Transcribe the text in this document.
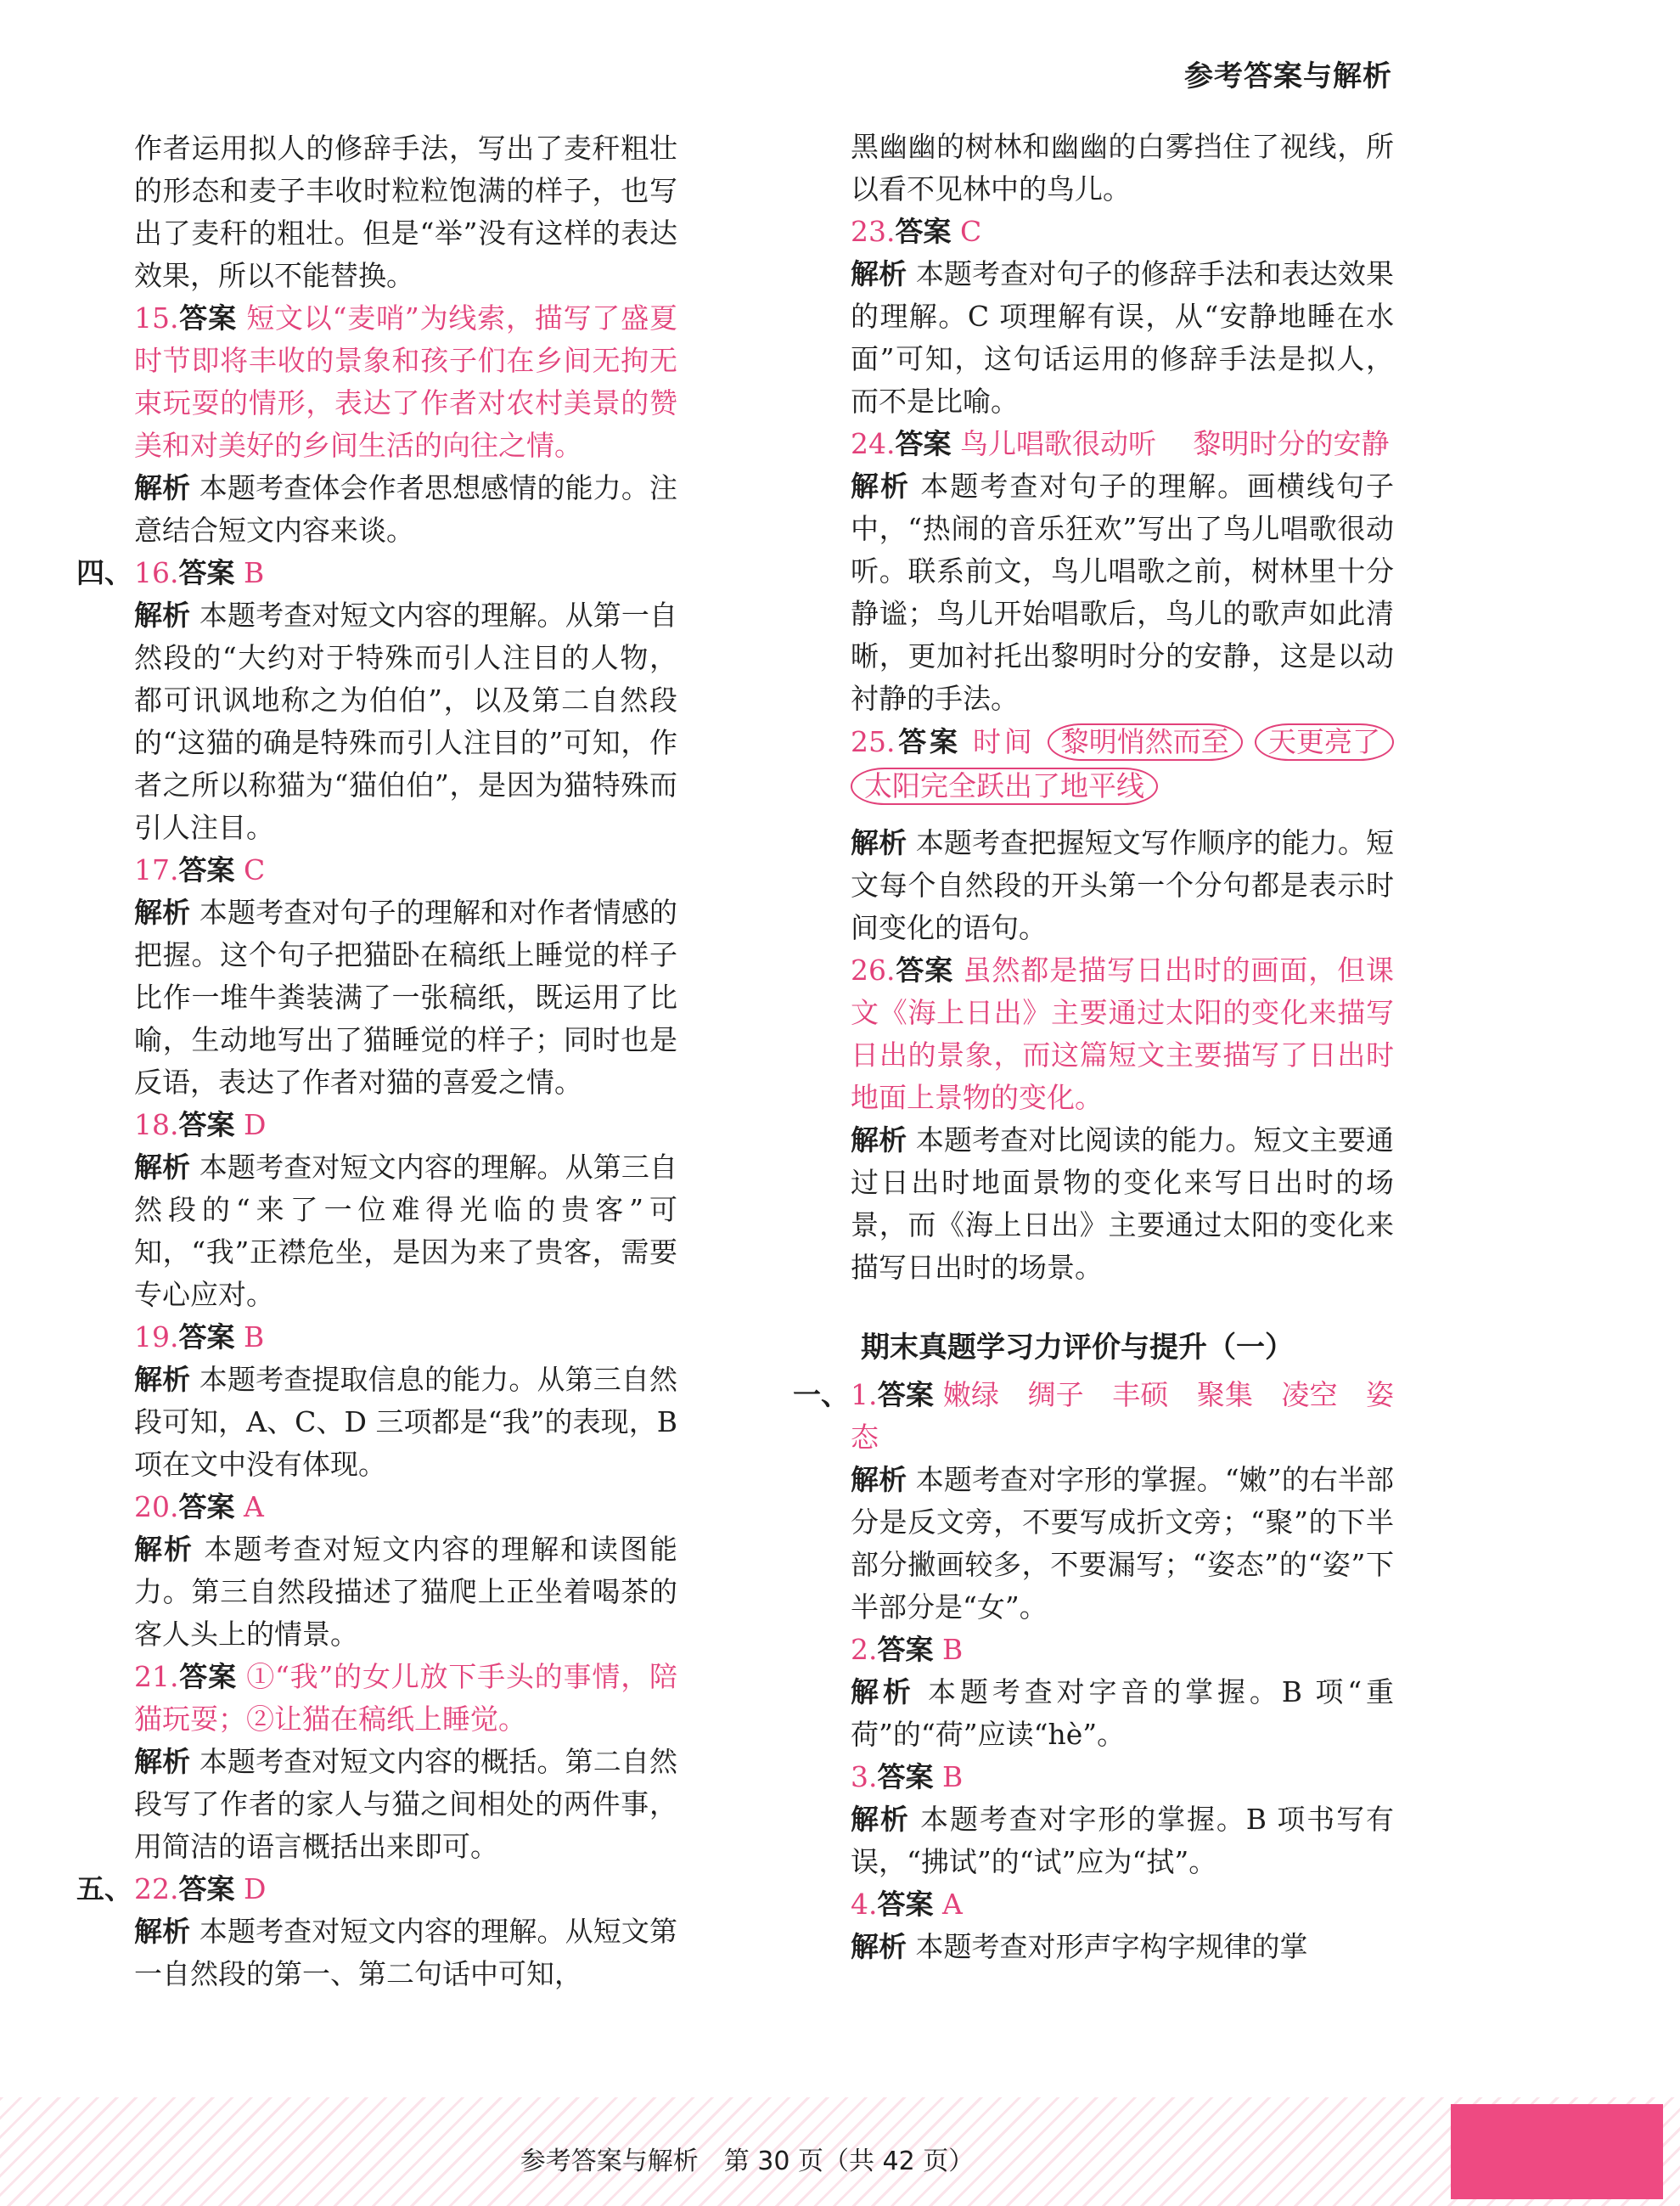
参考答案与解析

作者运用拟人的修辞手法，写出了麦秆粗壮的形态和麦子丰收时粒粒饱满的样子，也写出了麦秆的粗壮。但是“举”没有这样的表达效果，所以不能替换。

15.答案 短文以“麦哨”为线索，描写了盛夏时节即将丰收的景象和孩子们在乡间无拘无束玩耍的情形，表达了作者对农村美景的赞美和对美好的乡间生活的向往之情。

解析 本题考查体会作者思想感情的能力。注意结合短文内容来谈。

四、 16.答案 B

解析 本题考查对短文内容的理解。从第一自然段的“大约对于特殊而引人注目的人物，都可讯讽地称之为伯伯”，以及第二自然段的“这猫的确是特殊而引人注目的”可知，作者之所以称猫为“猫伯伯”，是因为猫特殊而引人注目。

17.答案 C

解析 本题考查对句子的理解和对作者情感的把握。这个句子把猫卧在稿纸上睡觉的样子比作一堆牛粪装满了一张稿纸，既运用了比喻，生动地写出了猫睡觉的样子；同时也是反语，表达了作者对猫的喜爱之情。

18.答案 D

解析 本题考查对短文内容的理解。从第三自然段的“来了一位难得光临的贵客”可知，“我”正襟危坐，是因为来了贵客，需要专心应对。

19.答案 B

解析 本题考查提取信息的能力。从第三自然段可知，A、C、D 三项都是“我”的表现，B 项在文中没有体现。

20.答案 A

解析 本题考查对短文内容的理解和读图能力。第三自然段描述了猫爬上正坐着喝茶的客人头上的情景。

21.答案 ①“我”的女儿放下手头的事情，陪猫玩耍；②让猫在稿纸上睡觉。

解析 本题考查对短文内容的概括。第二自然段写了作者的家人与猫之间相处的两件事，用简洁的语言概括出来即可。

五、 22.答案 D

解析 本题考查对短文内容的理解。从短文第一自然段的第一、第二句话中可知，

黑幽幽的树林和幽幽的白雾挡住了视线，所以看不见林中的鸟儿。

23.答案 C

解析 本题考查对句子的修辞手法和表达效果的理解。C 项理解有误，从“安静地睡在水面”可知，这句话运用的修辞手法是拟人，而不是比喻。

24.答案 鸟儿唱歌很动听　 黎明时分的安静

解析 本题考查对句子的理解。画横线句子中，“热闹的音乐狂欢”写出了鸟儿唱歌很动听。联系前文，鸟儿唱歌之前，树林里十分静谧；鸟儿开始唱歌后，鸟儿的歌声如此清晰，更加衬托出黎明时分的安静，这是以动衬静的手法。

25.答案 时间 黎明悄然而至 天更亮了 太阳完全跃出了地平线

解析 本题考查把握短文写作顺序的能力。短文每个自然段的开头第一个分句都是表示时间变化的语句。

26.答案 虽然都是描写日出时的画面，但课文《海上日出》主要通过太阳的变化来描写日出的景象，而这篇短文主要描写了日出时地面上景物的变化。

解析 本题考查对比阅读的能力。短文主要通过日出时地面景物的变化来写日出时的场景，而《海上日出》主要通过太阳的变化来描写日出时的场景。

期末真题学习力评价与提升（一）

一、 1.答案 嫩绿　绸子　丰硕　聚集　凌空　姿态

解析 本题考查对字形的掌握。“嫩”的右半部分是反文旁，不要写成折文旁；“聚”的下半部分撇画较多，不要漏写；“姿态”的“姿”下半部分是“女”。

2.答案 B

解析 本题考查对字音的掌握。B 项“重荷”的“荷”应读“hè”。

3.答案 B

解析 本题考查对字形的掌握。B 项书写有误，“拂试”的“试”应为“拭”。

4.答案 A

解析 本题考查对形声字构字规律的掌

参考答案与解析　第 30 页（共 42 页）
